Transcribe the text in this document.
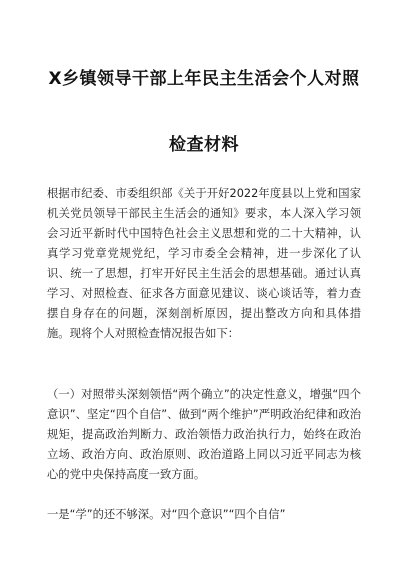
X乡镇领导干部上年民主生活会个人对照
检查材料

根据市纪委、市委组织部《关于开好2022年度县以上党和国家机关党员领导干部民主生活会的通知》要求，本人深入学习领会习近平新时代中国特色社会主义思想和党的二十大精神，认真学习党章党规党纪，学习市委全会精神，进一步深化了认识、统一了思想，打牢开好民主生活会的思想基础。通过认真学习、对照检查、征求各方面意见建议、谈心谈话等，着力查摆自身存在的问题，深刻剖析原因，提出整改方向和具体措施。现将个人对照检查情况报告如下：

（一）对照带头深刻领悟“两个确立”的决定性意义，增强“四个意识”、坚定“四个自信”、做到“两个维护”严明政治纪律和政治规矩，提高政治判断力、政治领悟力政治执行力，始终在政治立场、政治方向、政治原则、政治道路上同以习近平同志为核心的党中央保持高度一致方面。

一是“学”的还不够深。对“四个意识”“四个自信”
